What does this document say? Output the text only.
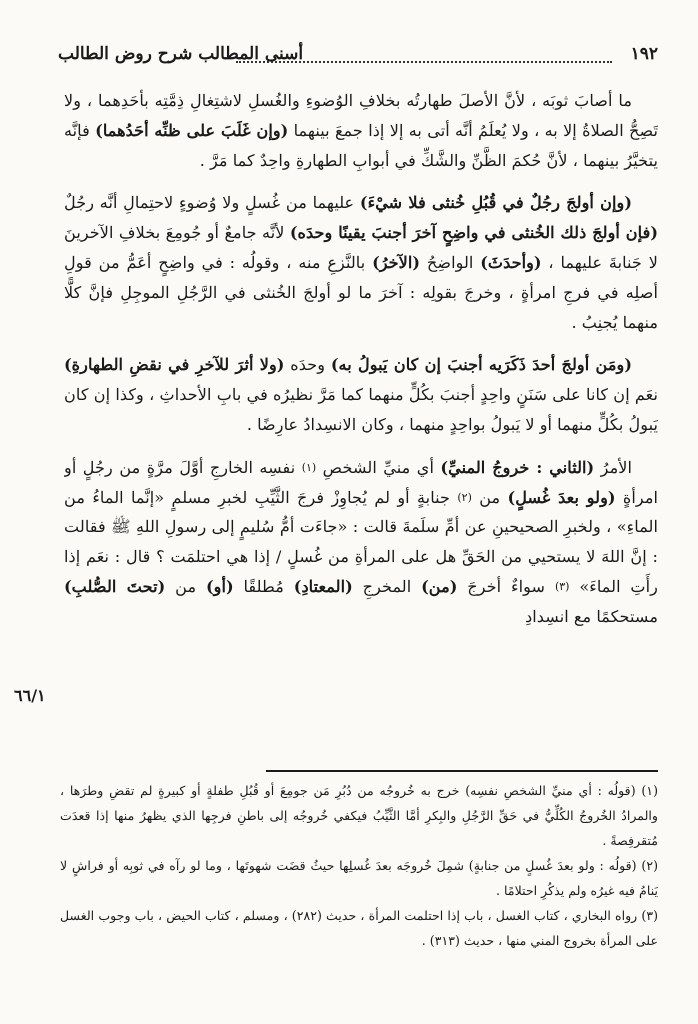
١٩٢
أسنى المطالب شرح روض الطالب

ما أصابَ ثوبَه ، لأنَّ الأصلَ طهارتُه بخلافِ الوُضوءِ والغُسلِ لاشتِغالِ ذِمَّتِه بأحَدِهما ، ولا تَصِحُّ الصلاةُ إلا به ، ولا يُعلَمُ أنَّه أتى به إلا إذا جمعَ بينهما (وإن غَلَبَ على ظنِّه أحَدُهما) فإنَّه يتخيَّرُ بينهما ، لأنَّ حُكمَ الظَّنِّ والشَّكِّ في أبوابِ الطهارةِ واحِدٌ كما مَرَّ .

(وإن أولجَ رجُلٌ في قُبُلِ خُنثى فلا شيْءَ) عليهما من غُسلٍ ولا وُضوءٍ لاحتِمالِ أنَّه رجُلٌ (فإن أولجَ ذلك الخُنثى في واضِحٍ آخرَ أجنبَ يقينًا وحدَه) لأنَّه جامعٌ أو جُومِعَ بخلافِ الآخرينَ لا جَنابةَ عليهما ، (وأحدَثَ) الواضِحُ (الآخرُ) بالنَّزعِ منه ، وقولُه : في واضِحٍ أعَمُّ من قولِ أصلِه في فرجِ امرأةٍ ، وخرجَ بقولِه : آخرَ ما لو أولجَ الخُنثى في الرَّجُلِ الموجِلِ فإنَّ كلًّا منهما يُجنِبُ .

(ومَن أولجَ أحدَ ذَكَرَيه أجنبَ إن كان يَبولُ به) وحدَه (ولا أثرَ للآخرِ في نقضِ الطهارةِ) نعَم إن كانا على سَنَنٍ واحِدٍ أجنبَ بكُلٍّ منهما كما مَرَّ نظيرُه في بابِ الأحداثِ ، وكذا إن كان يَبولُ بكُلٍّ منهما أو لا يَبولُ بواحِدٍ منهما ، وكان الانسِدادُ عارِضًا .

الأمرُ (الثاني : خروجُ المنيِّ) أي منيِّ الشخصِ $^{(١)}$ نفسِه الخارجِ أوَّلَ مرَّةٍ من رجُلٍ أو امرأةٍ (ولو بعدَ غُسلٍ) من $^{(٢)}$ جنابةٍ أو لم يُجاوِزْ فرجَ الثَّيِّبِ لخبرِ مسلمٍ «إنَّما الماءُ من الماءِ» ، ولخبرِ الصحيحينِ عن أمِّ سلَمةَ قالت : «جاءَت أمُّ سُليمٍ إلى رسولِ اللهِ ﷺ فقالت : إنَّ اللهَ لا يستحيي من الحَقِّ هل على المرأةِ من غُسلٍ / إذا هي احتلمَت ؟ قال : نعَم إذا رأَتِ الماءَ» $^{(٣)}$ سواءٌ أخرجَ (من) المخرجِ (المعتادِ) مُطلقًا (أو) من (تحتَ الصُّلبِ) مستحكمًا مع انسِدادِ

٦٦/١

(١) (قولُه : أي منيِّ الشخصِ نفسِه) خرج به خُروجُه من دُبُرِ مَن جومِعَ أو قُبُلِ طفلةٍ أو كبيرةٍ لم تقضِ وطرَها ، والمرادُ الخُروجُ الكُلِّيُّ في حَقِّ الرَّجُلِ والبِكرِ أمَّا الثَّيِّبُ فيكفي خُروجُه إلى باطنِ فرجِها الذي يظهرُ منها إذا قعدَت مُتقرفِصةً .

(٢) (قولُه : ولو بعدَ غُسلٍ من جنابةٍ) شمِلَ خُروجَه بعدَ غُسلِها حيثُ قضَت شهوتَها ، وما لو رآه في ثوبِه أو فراشٍ لا يَنامُ فيه غيرُه ولم يذكُرِ احتلامًا .

(٣) رواه البخاري ، كتاب الغسل ، باب إذا احتلمت المرأة ، حديث (٢٨٢) ، ومسلم ، كتاب الحيض ، باب وجوب الغسل على المرأة بخروج المني منها ، حديث (٣١٣) .
